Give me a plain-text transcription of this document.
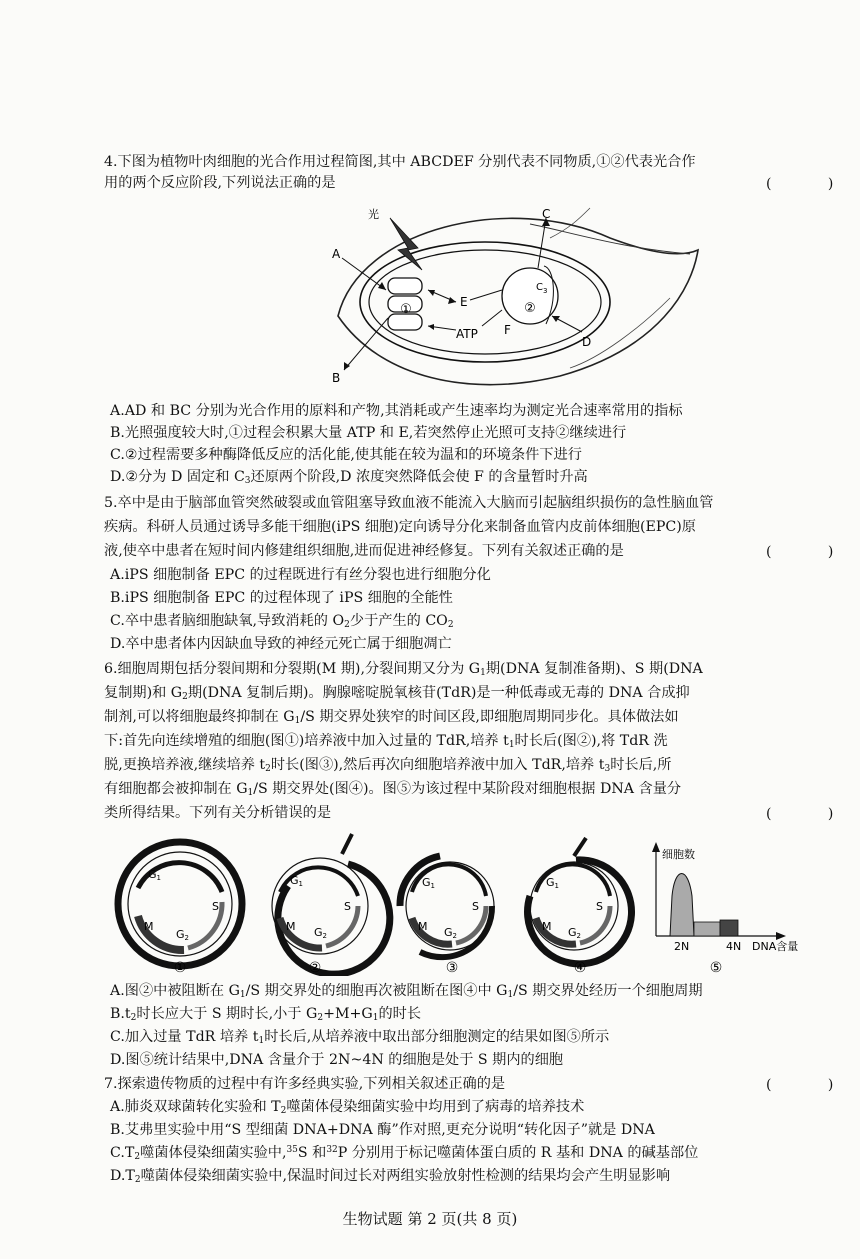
4.下图为植物叶肉细胞的光合作用过程简图,其中 ABCDEF 分别代表不同物质,①②代表光合作
用的两个反应阶段,下列说法正确的是	( )
①	②
光
A
B
C
$C_3$
D
E
F
ATP
A.AD 和 BC 分别为光合作用的原料和产物,其消耗或产生速率均为测定光合速率常用的指标
B.光照强度较大时,①过程会积累大量 ATP 和 E,若突然停止光照可支持②继续进行
C.②过程需要多种酶降低反应的活化能,使其能在较为温和的环境条件下进行
D.②分为 D 固定和 $C_3$还原两个阶段,D 浓度突然降低会使 F 的含量暂时升高
5.卒中是由于脑部血管突然破裂或血管阻塞导致血液不能流入大脑而引起脑组织损伤的急性脑血管
疾病。科研人员通过诱导多能干细胞(iPS 细胞)定向诱导分化来制备血管内皮前体细胞(EPC)原
液,使卒中患者在短时间内修建组织细胞,进而促进神经修复。下列有关叙述正确的是	( )
A.iPS 细胞制备 EPC 的过程既进行有丝分裂也进行细胞分化
B.iPS 细胞制备 EPC 的过程体现了 iPS 细胞的全能性
C.卒中患者脑细胞缺氧,导致消耗的 $O_2$少于产生的 $CO_2$
D.卒中患者体内因缺血导致的神经元死亡属于细胞凋亡
6.细胞周期包括分裂间期和分裂期(M 期),分裂间期又分为 $G_1$期(DNA 复制准备期)、S 期(DNA
复制期)和 $G_2$期(DNA 复制后期)。胸腺嘧啶脱氧核苷(TdR)是一种低毒或无毒的 DNA 合成抑
制剂,可以将细胞最终抑制在 $G_1/S$ 期交界处狭窄的时间区段,即细胞周期同步化。具体做法如
下:首先向连续增殖的细胞(图①)培养液中加入过量的 TdR,培养 $t_1$时长后(图②),将 TdR 洗
脱,更换培养液,继续培养 $t_2$时长(图③),然后再次向细胞培养液中加入 TdR,培养 $t_3$时长后,所
有细胞都会被抑制在 $G_1/S$ 期交界处(图④)。图⑤为该过程中某阶段对细胞根据 DNA 含量分
类所得结果。下列有关分析错误的是	( )
G1
S
M
G2
G1
S
M G2
G1
S
M G2
G1
S
M G2
细胞数
2N	4N DNA含量
①	②	③	④	⑤
A.图②中被阻断在 $G_1/S$ 期交界处的细胞再次被阻断在图④中 $G_1/S$ 期交界处经历一个细胞周期
$B.t_2$时长应大于 S 期时长,小于 $G_2+M+G_1$的时长
C.加入过量 TdR 培养 $t_1$时长后,从培养液中取出部分细胞测定的结果如图⑤所示
D.图⑤统计结果中,DNA 含量介于 2N~4N 的细胞是处于 S 期内的细胞
7.探索遗传物质的过程中有许多经典实验,下列相关叙述正确的是	( )
A.肺炎双球菌转化实验和 $T_2$噬菌体侵染细菌实验中均用到了病毒的培养技术
B.艾弗里实验中用“S 型细菌 DNA+DNA 酶”作对照,更充分说明“转化因子”就是 DNA
$C.T_2$噬菌体侵染细菌实验中,$^{35}$S 和$^{32}$P 分别用于标记噬菌体蛋白质的 R 基和 DNA 的碱基部位
$D.T_2$噬菌体侵染细菌实验中,保温时间过长对两组实验放射性检测的结果均会产生明显影响
生物试题 第 2 页(共 8 页)
